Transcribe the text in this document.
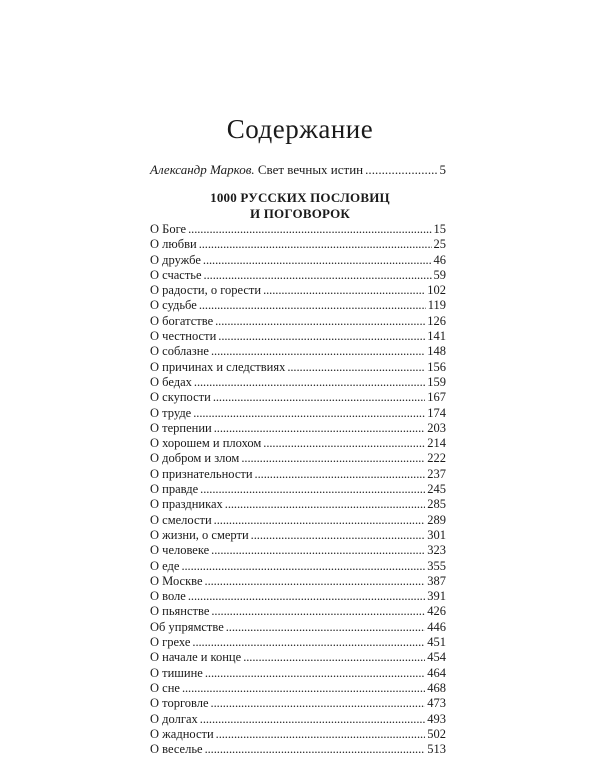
Содержание
Александр Марков.
Свет вечных истин . . .	5
1000 РУССКИХ ПОСЛОВИЦ
И ПОГОВОРОК
О Боге . . .	15
О любви . . .	25
О дружбе . . .	46
О счастье . . .	59
О радости, о горести . . .	102
О судьбе . . .	119
О богатстве . . .	126
О честности . . .	141
О соблазне . . .	148
О причинах и следствиях . . .	156
О бедах . . .	159
О скупости . . .	167
О труде . . .	174
О терпении . . .	203
О хорошем и плохом . . .	214
О добром и злом . . .	222
О признательности . . .	237
О правде . . .	245
О праздниках . . .	285
О смелости . . .	289
О жизни, о смерти . . .	301
О человеке . . .	323
О еде . . .	355
О Москве . . .	387
О воле . . .	391
О пьянстве . . .	426
Об упрямстве . . .	446
О грехе . . .	451
О начале и конце . . .	454
О тишине . . .	464
О сне . . .	468
О торговле . . .	473
О долгах . . .	493
О жадности . . .	502
О веселье . . .	513
